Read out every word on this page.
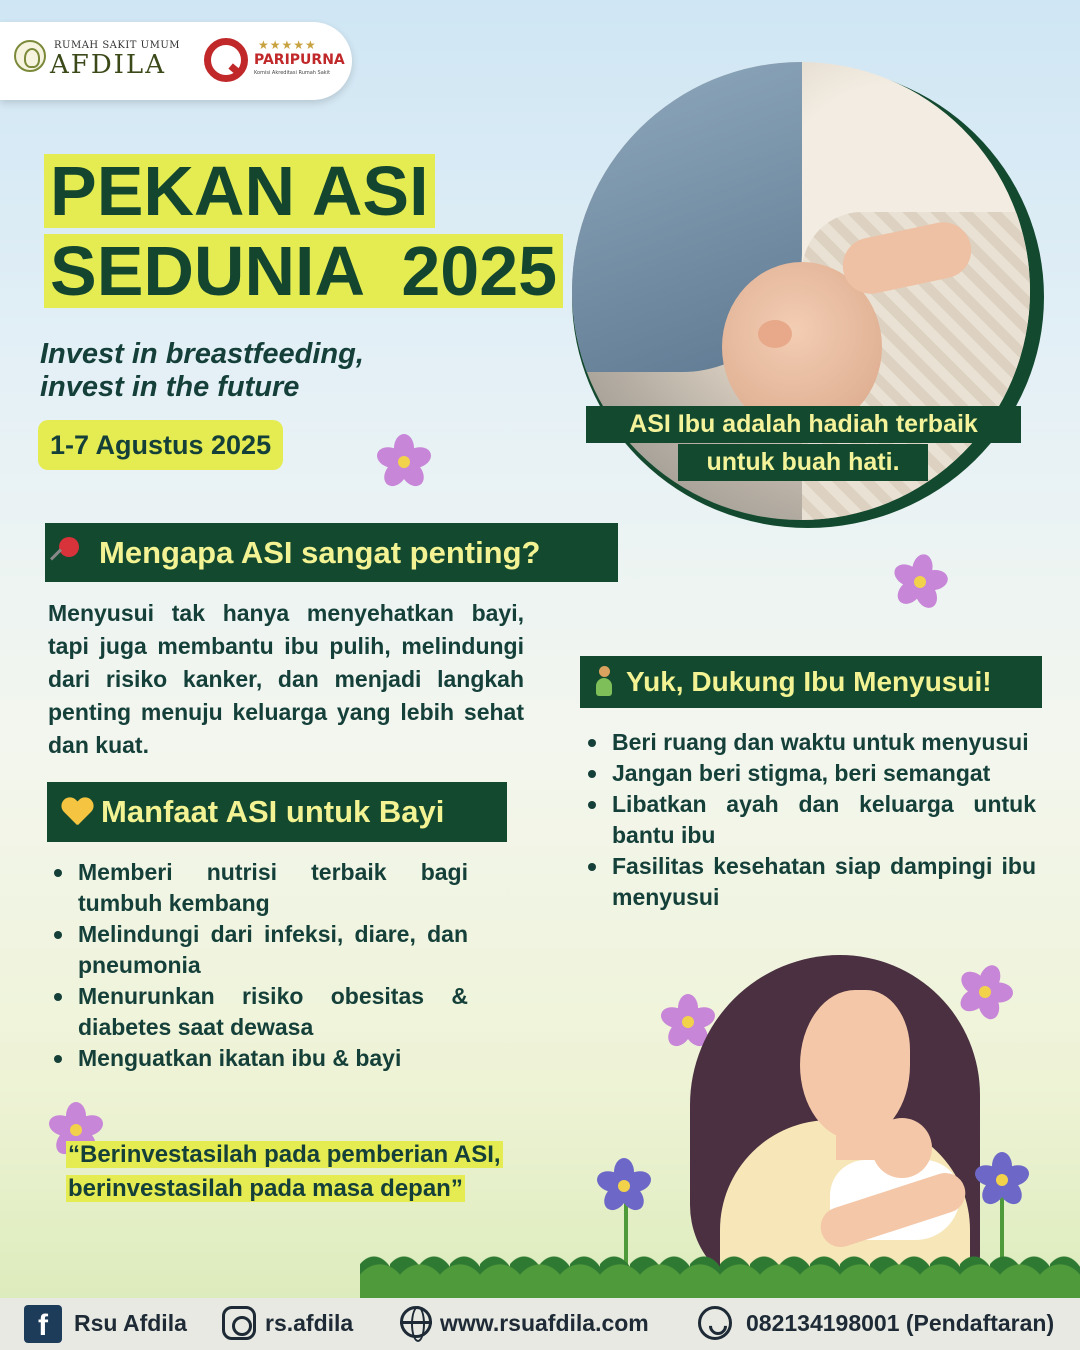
RUMAH SAKIT UMUM
AFDILA
★★★★★
PARIPURNA
Komisi Akreditasi Rumah Sakit
PEKAN ASI
SEDUNIA  2025
Invest in breastfeeding,
invest in the future
1-7 Agustus 2025
ASI Ibu adalah hadiah terbaik
untuk buah hati.
Mengapa ASI sangat penting?
Menyusui tak hanya menyehatkan bayi, tapi juga membantu ibu pulih, melindungi dari risiko kanker, dan menjadi langkah penting menuju keluarga yang lebih sehat dan kuat.
Manfaat ASI untuk Bayi
Memberi nutrisi terbaik bagi tumbuh kembang
Melindungi dari infeksi, diare, dan pneumonia
Menurunkan risiko obesitas & diabetes saat dewasa
Menguatkan ikatan ibu & bayi
Yuk, Dukung Ibu Menyusui!
Beri ruang dan waktu untuk menyusui
Jangan beri stigma, beri semangat
Libatkan ayah dan keluarga untuk bantu ibu
Fasilitas kesehatan siap dampingi ibu menyusui
“Berinvestasilah pada pemberian ASI,
berinvestasilah pada masa depan”
f	Rsu Afdila	rs.afdila	www.rsuafdila.com	082134198001 (Pendaftaran)
